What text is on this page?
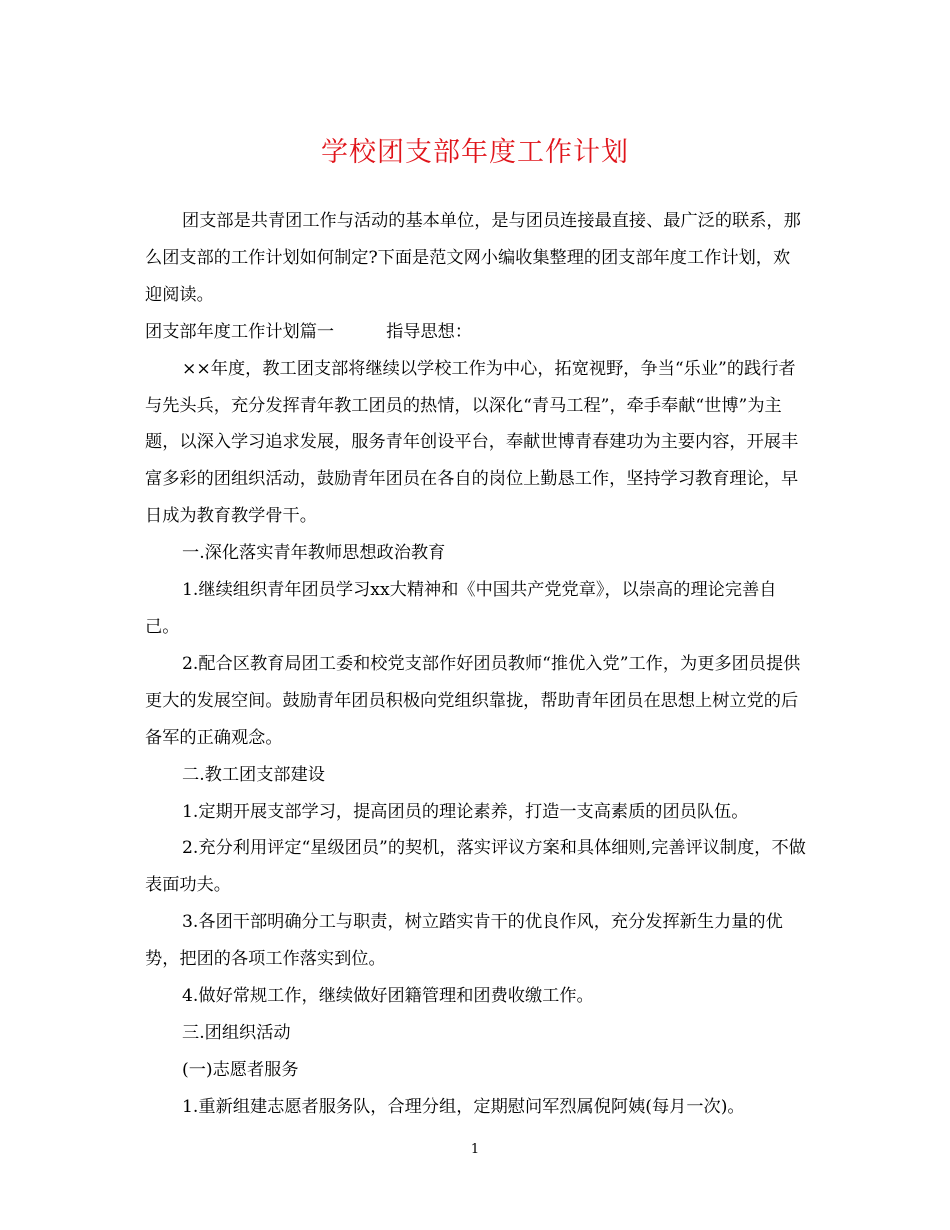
学校团支部年度工作计划

团支部是共青团工作与活动的基本单位，是与团员连接最直接、最广泛的联系，那么团支部的工作计划如何制定?下面是范文网小编收集整理的团支部年度工作计划，欢迎阅读。

团支部年度工作计划篇一	指导思想：

××年度，教工团支部将继续以学校工作为中心，拓宽视野，争当“乐业”的践行者与先头兵，充分发挥青年教工团员的热情，以深化“青马工程”，牵手奉献“世博”为主题，以深入学习追求发展，服务青年创设平台，奉献世博青春建功为主要内容，开展丰富多彩的团组织活动，鼓励青年团员在各自的岗位上勤恳工作，坚持学习教育理论，早日成为教育教学骨干。

一.深化落实青年教师思想政治教育

1.继续组织青年团员学习xx大精神和《中国共产党党章》，以崇高的理论完善自己。

2.配合区教育局团工委和校党支部作好团员教师“推优入党”工作，为更多团员提供更大的发展空间。鼓励青年团员积极向党组织靠拢，帮助青年团员在思想上树立党的后备军的正确观念。

二.教工团支部建设

1.定期开展支部学习，提高团员的理论素养，打造一支高素质的团员队伍。

2.充分利用评定“星级团员”的契机，落实评议方案和具体细则,完善评议制度，不做表面功夫。

3.各团干部明确分工与职责，树立踏实肯干的优良作风，充分发挥新生力量的优势，把团的各项工作落实到位。

4.做好常规工作，继续做好团籍管理和团费收缴工作。

三.团组织活动

(一)志愿者服务

1.重新组建志愿者服务队，合理分组，定期慰问军烈属倪阿姨(每月一次)。

1
